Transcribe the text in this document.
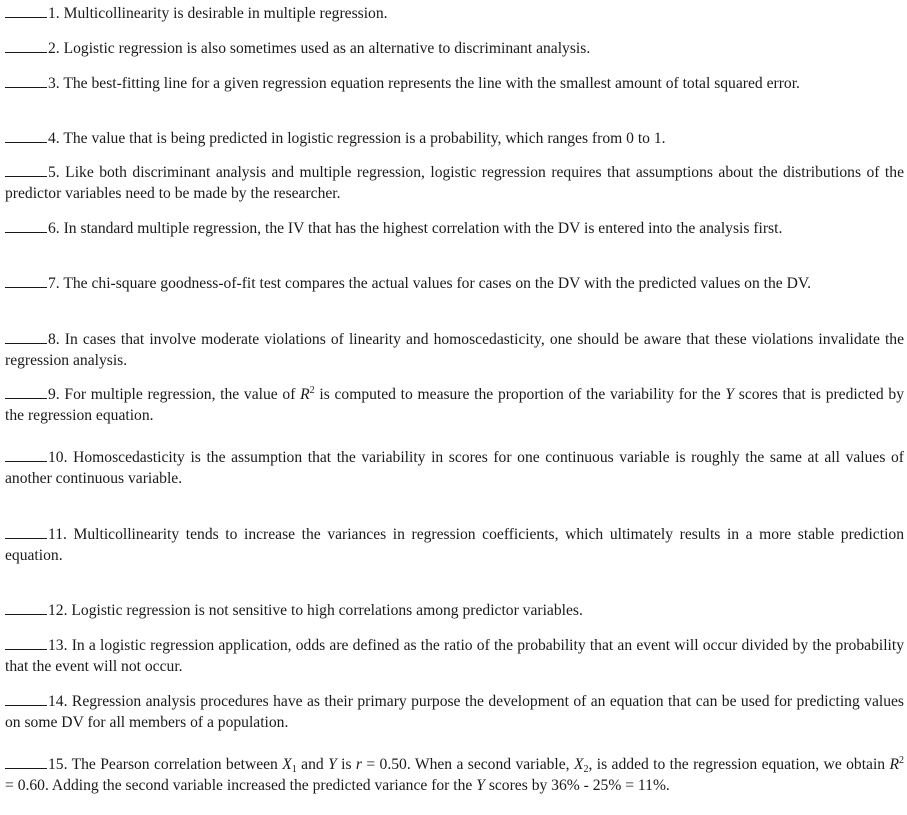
1. Multicollinearity is desirable in multiple regression.
2. Logistic regression is also sometimes used as an alternative to discriminant analysis.
3. The best-fitting line for a given regression equation represents the line with the smallest amount of total squared error.
4. The value that is being predicted in logistic regression is a probability, which ranges from 0 to 1.
5. Like both discriminant analysis and multiple regression, logistic regression requires that assumptions about the distributions of the predictor variables need to be made by the researcher.
6. In standard multiple regression, the IV that has the highest correlation with the DV is entered into the analysis first.
7. The chi-square goodness-of-fit test compares the actual values for cases on the DV with the predicted values on the DV.
8. In cases that involve moderate violations of linearity and homoscedasticity, one should be aware that these violations invalidate the regression analysis.
9. For multiple regression, the value of $R^2$ is computed to measure the proportion of the variability for the Y scores that is predicted by the regression equation.
10. Homoscedasticity is the assumption that the variability in scores for one continuous variable is roughly the same at all values of another continuous variable.
11. Multicollinearity tends to increase the variances in regression coefficients, which ultimately results in a more stable prediction equation.
12. Logistic regression is not sensitive to high correlations among predictor variables.
13. In a logistic regression application, odds are defined as the ratio of the probability that an event will occur divided by the probability that the event will not occur.
14. Regression analysis procedures have as their primary purpose the development of an equation that can be used for predicting values on some DV for all members of a population.
15. The Pearson correlation between $X_1$ and Y is r = 0.50. When a second variable, $X_2$, is added to the regression equation, we obtain $R^2 = 0.60$. Adding the second variable increased the predicted variance for the Y scores by 36% - 25% = 11%.
